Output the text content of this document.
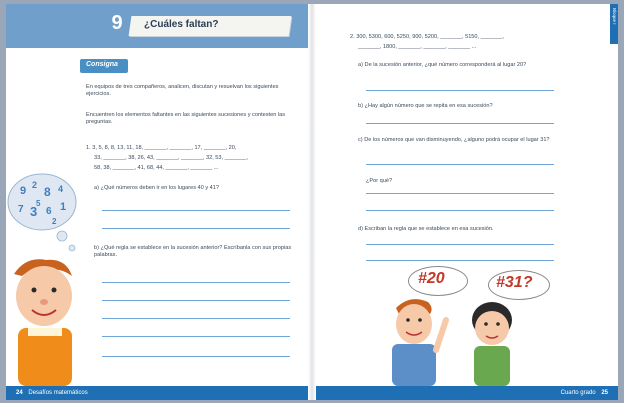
9	¿Cuáles faltan?
Consigna
En equipos de tres compañeros, analicen, discutan y resuelvan los siguientes ejercicios.
Encuentren los elementos faltantes en las siguientes sucesiones y contesten las preguntas.
1. 3, 5, 8, 8, 13, 11, 18, _______, _______, 17, _______, 20,
33, _______, 38, 26, 43, _______, _______, 32, 53, _______,
58, 38, _______, 41, 68, 44, _______, _______ ...
a) ¿Qué números deben ir en los lugares 40 y 41?
b) ¿Qué regla se establece en la sucesión anterior? Escríbanla con sus propias palabras.
9 2 8 4
7 3 6 1
5
2
24 Desafíos matemáticos
2. 300, 5300, 600, 5250, 900, 5200, _______, 5150, _______,
_______, 1800, _______, _______, _______ ...
a) De la sucesión anterior, ¿qué número corresponderá al lugar 20?
b) ¿Hay algún número que se repita en esa sucesión?
c) De los números que van disminuyendo, ¿alguno podrá ocupar el lugar 31?
¿Por qué?
d) Escriban la regla que se establece en esa sucesión.
#20	#31?
Bloque I
Cuarto grado 25
